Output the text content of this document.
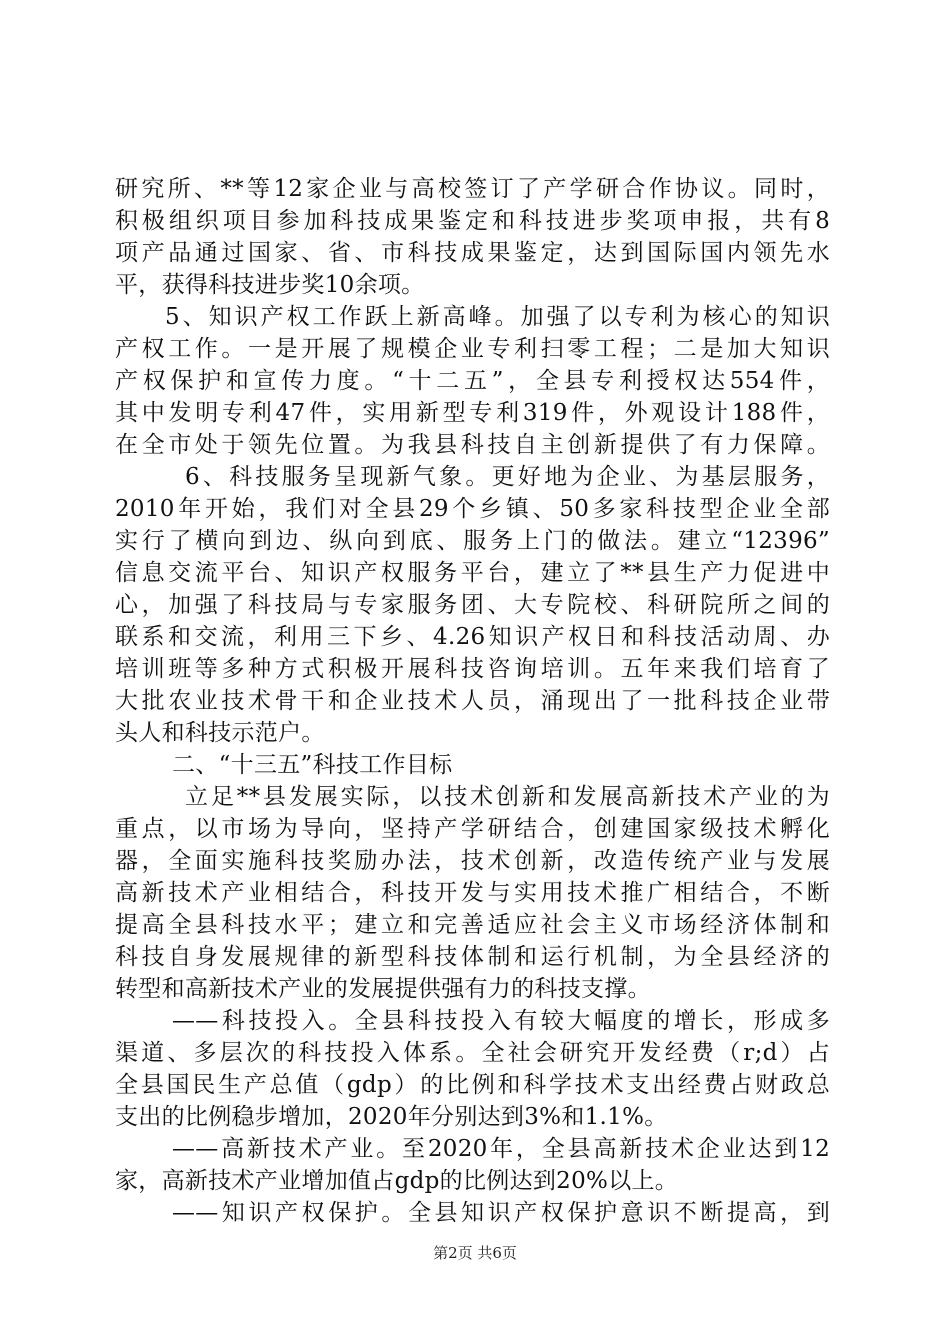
研究所、**等12家企业与高校签订了产学研合作协议。同时，
积极组织项目参加科技成果鉴定和科技进步奖项申报，共有8
项产品通过国家、省、市科技成果鉴定，达到国际国内领先水
平，获得科技进步奖10余项。
5、知识产权工作跃上新高峰。加强了以专利为核心的知识
产权工作。一是开展了规模企业专利扫零工程；二是加大知识
产权保护和宣传力度。“十二五”，全县专利授权达554件，
其中发明专利47件，实用新型专利319件，外观设计188件，
在全市处于领先位置。为我县科技自主创新提供了有力保障。
6、科技服务呈现新气象。更好地为企业、为基层服务，
2010年开始，我们对全县29个乡镇、50多家科技型企业全部
实行了横向到边、纵向到底、服务上门的做法。建立“12396”
信息交流平台、知识产权服务平台，建立了**县生产力促进中
心，加强了科技局与专家服务团、大专院校、科研院所之间的
联系和交流，利用三下乡、4.26知识产权日和科技活动周、办
培训班等多种方式积极开展科技咨询培训。五年来我们培育了
大批农业技术骨干和企业技术人员，涌现出了一批科技企业带
头人和科技示范户。
二、“十三五”科技工作目标
立足**县发展实际，以技术创新和发展高新技术产业的为
重点，以市场为导向，坚持产学研结合，创建国家级技术孵化
器，全面实施科技奖励办法，技术创新，改造传统产业与发展
高新技术产业相结合，科技开发与实用技术推广相结合，不断
提高全县科技水平；建立和完善适应社会主义市场经济体制和
科技自身发展规律的新型科技体制和运行机制，为全县经济的
转型和高新技术产业的发展提供强有力的科技支撑。
——科技投入。全县科技投入有较大幅度的增长，形成多
渠道、多层次的科技投入体系。全社会研究开发经费（r;d）占
全县国民生产总值（gdp）的比例和科学技术支出经费占财政总
支出的比例稳步增加，2020年分别达到3%和1.1%。
——高新技术产业。至2020年，全县高新技术企业达到12
家，高新技术产业增加值占gdp的比例达到20%以上。
——知识产权保护。全县知识产权保护意识不断提高，到
第2页 共6页
